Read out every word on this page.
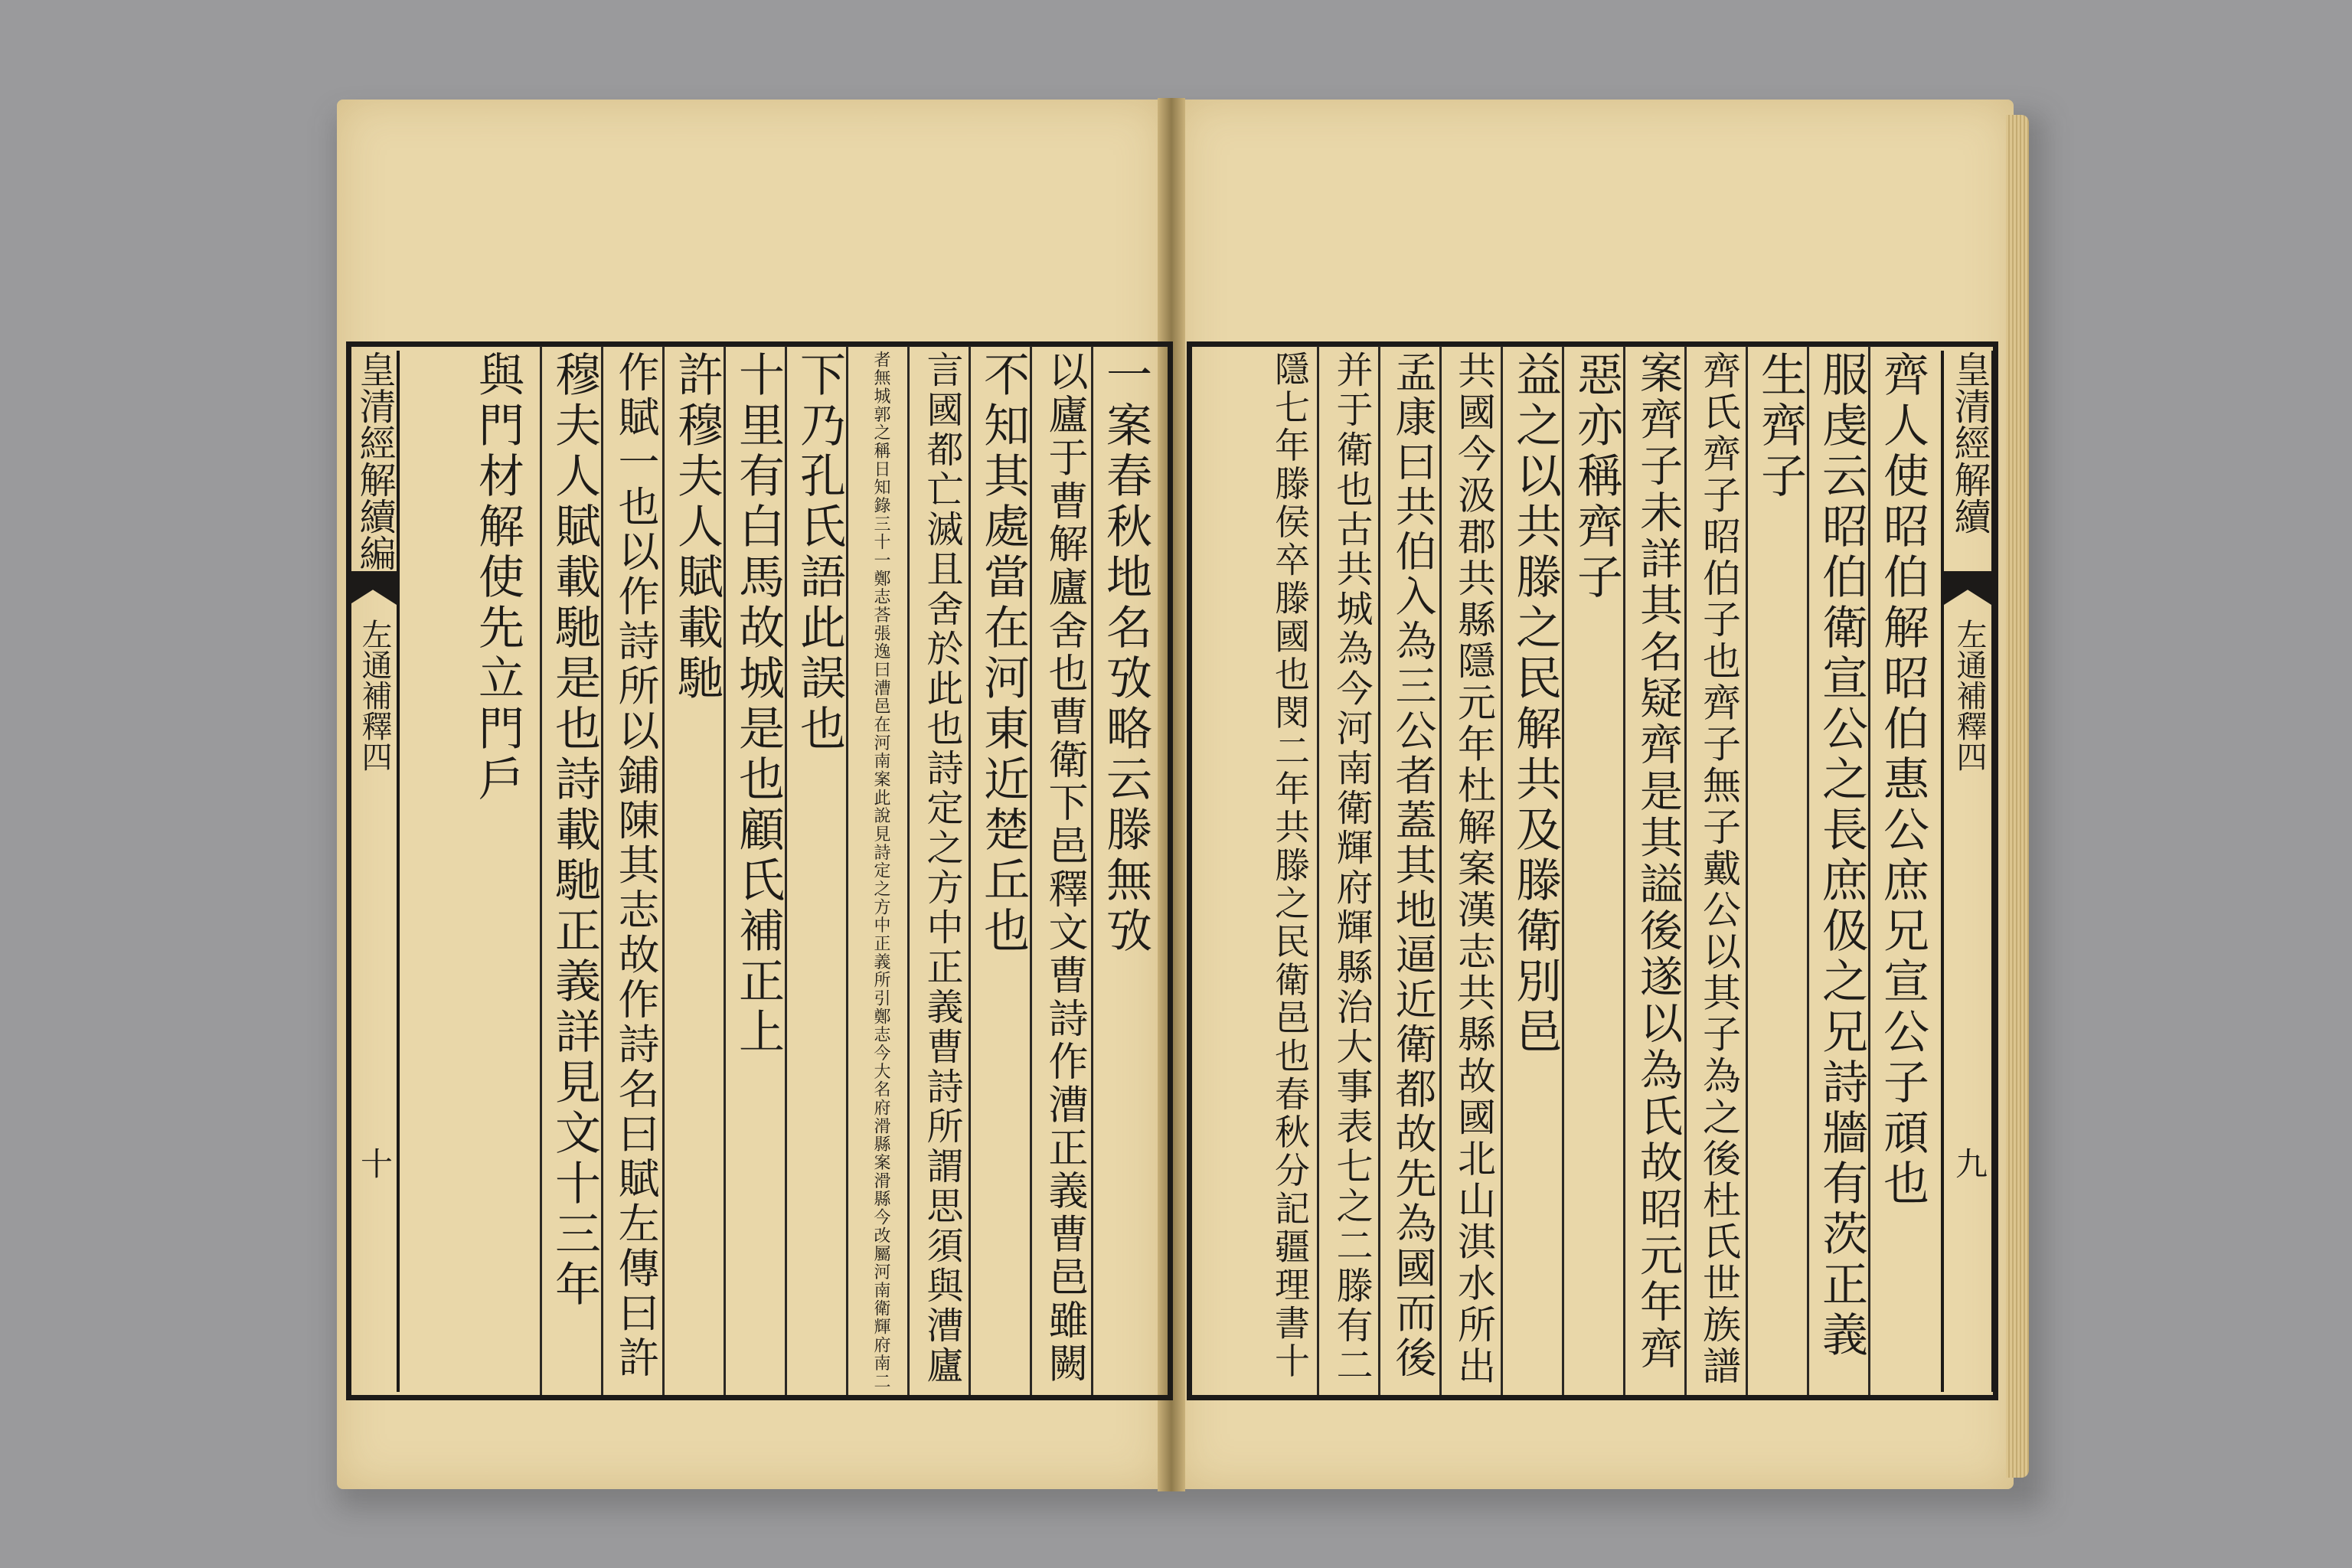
皇清經解續
左通補釋四
九
齊人使昭伯解昭伯惠公庶兄宣公子頑也
服虔云昭伯衛宣公之長庶伋之兄詩牆有茨正義
生齊子
齊氏齊子昭伯子也齊子無子戴公以其子為之後杜氏世族譜
案齊子未詳其名疑齊是其謚後遂以為氏故昭元年齊
惡亦稱齊子
益之以共滕之民解共及滕衛別邑
共國今汲郡共縣隱元年杜解案漢志共縣故國北山淇水所出
孟康曰共伯入為三公者蓋其地逼近衛都故先為國而後
并于衛也古共城為今河南衛輝府輝縣治大事表七之二滕有二
隱七年滕侯卒滕國也閔二年共滕之民衛邑也春秋分記疆理書十
皇清經解續編
左通補釋四
十
一案春秋地名攷略云滕無攷
以廬于曹解廬舍也曹衛下邑釋文曹詩作漕正義曹邑雖闕
不知其處當在河東近楚丘也
言國都亡滅且舍於此也詩定之方中正義曹詩所謂思須與漕廬
者無城郭之稱日知錄三十一鄭志荅張逸曰漕邑在河南案此說見詩定之方中正義所引鄭志今大名府滑縣案滑縣今改屬河南衛輝府南二
下乃孔氏語此誤也
十里有白馬故城是也顧氏補正上
許穆夫人賦載馳
作賦一也以作詩所以鋪陳其志故作詩名曰賦左傳曰許
穆夫人賦載馳是也詩載馳正義詳見文十三年
與門材解使先立門戶
